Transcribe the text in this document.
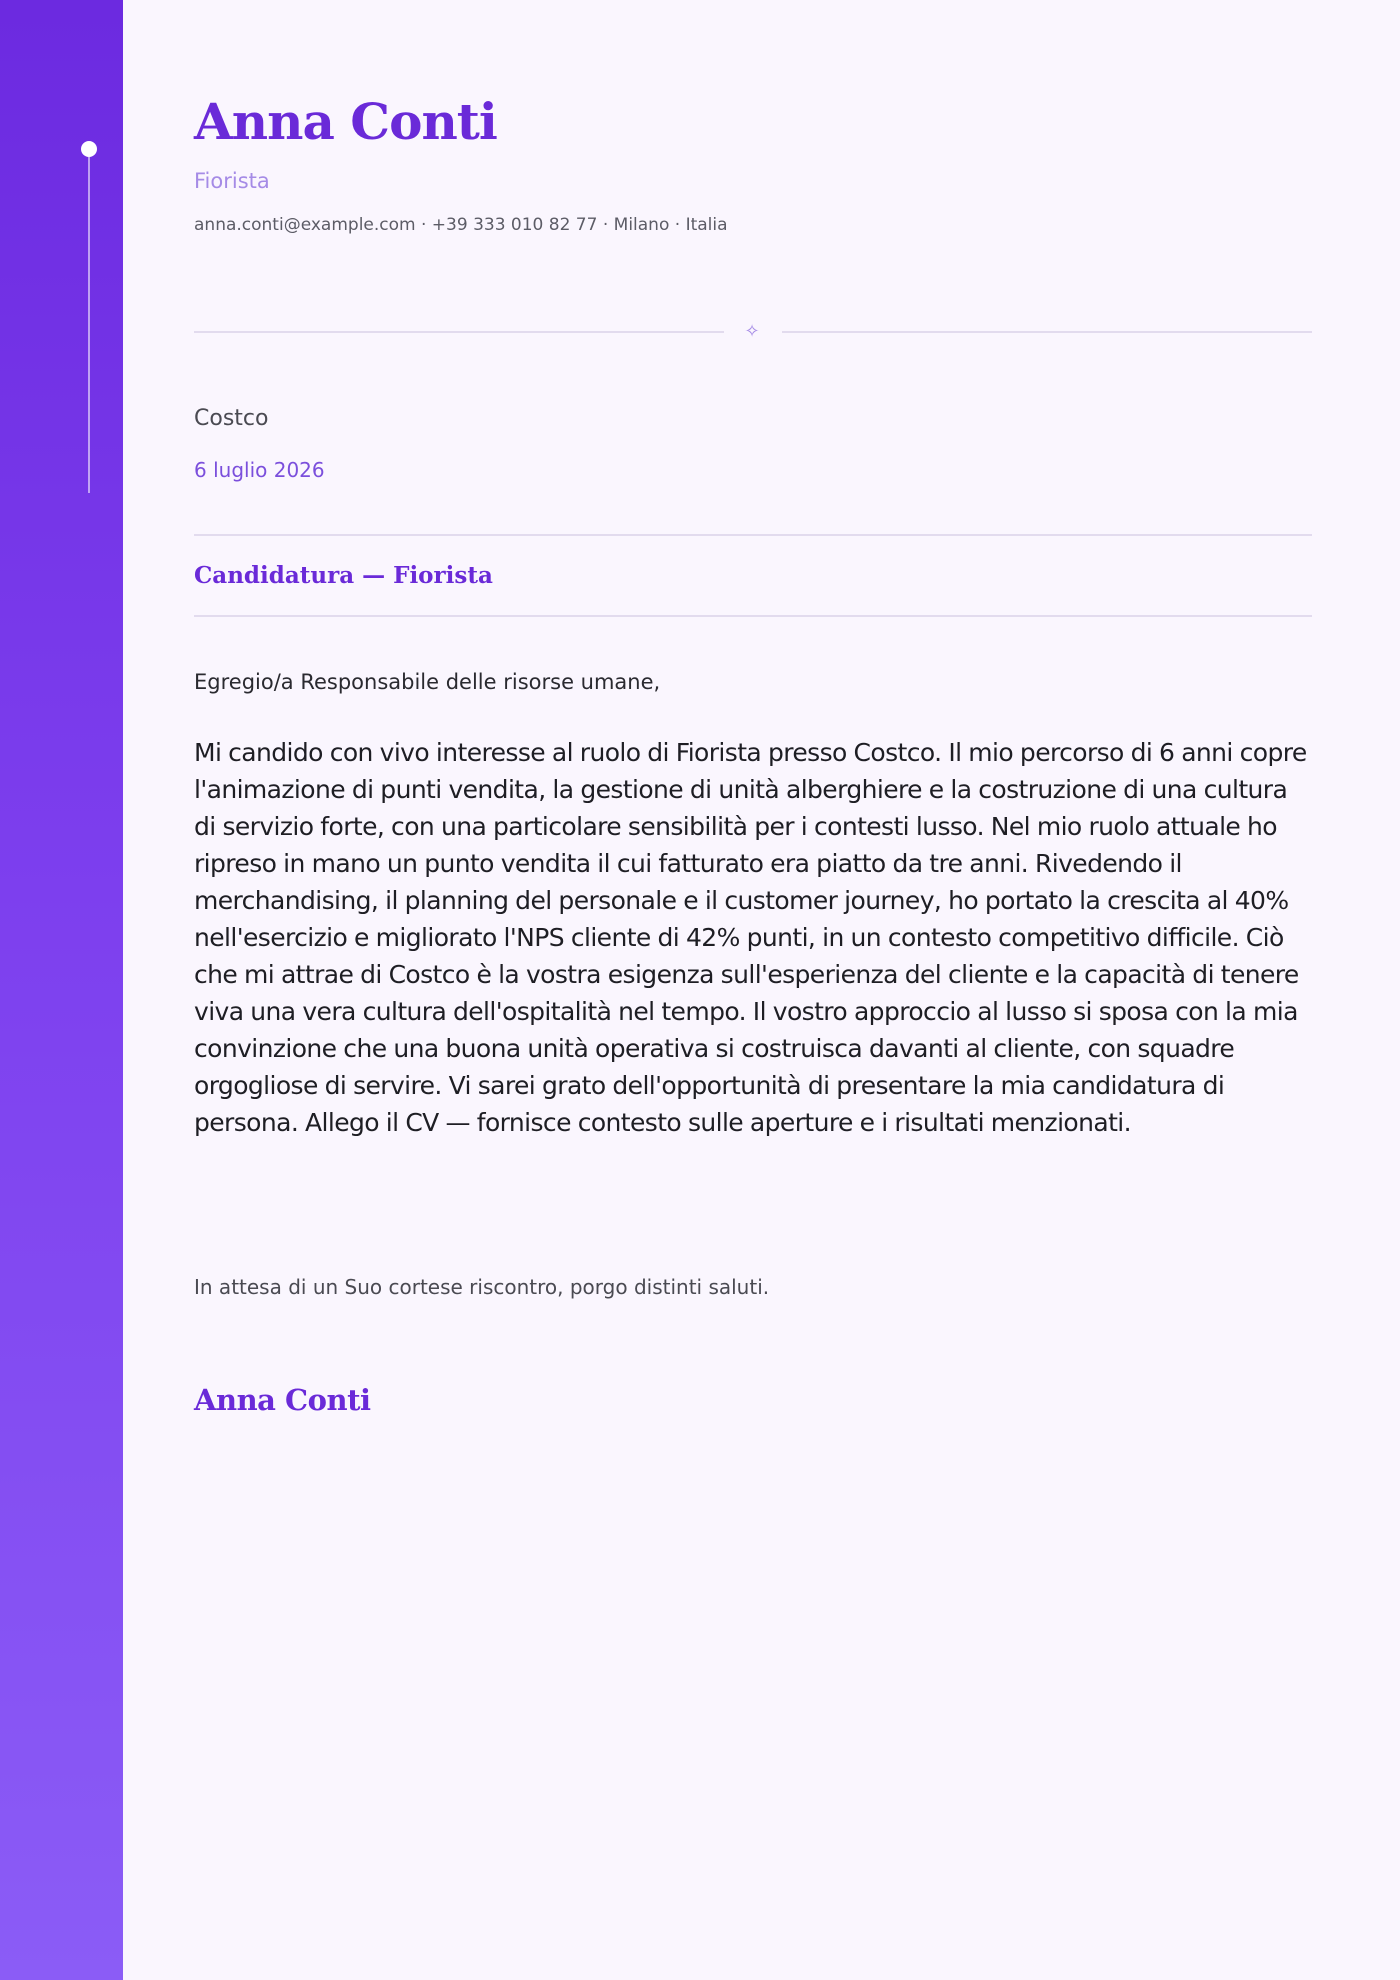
Anna Conti
Fiorista
anna.conti@example.com · +39 333 010 82 77 · Milano · Italia
✧
Costco
6 luglio 2026
Candidatura — Fiorista
Egregio/a Responsabile delle risorse umane,
Mi candido con vivo interesse al ruolo di Fiorista presso Costco. Il mio percorso di 6 anni copre l'animazione di punti vendita, la gestione di unità alberghiere e la costruzione di una cultura di servizio forte, con una particolare sensibilità per i contesti lusso. Nel mio ruolo attuale ho ripreso in mano un punto vendita il cui fatturato era piatto da tre anni. Rivedendo il merchandising, il planning del personale e il customer journey, ho portato la crescita al 40% nell'esercizio e migliorato l'NPS cliente di 42% punti, in un contesto competitivo difficile. Ciò che mi attrae di Costco è la vostra esigenza sull'esperienza del cliente e la capacità di tenere viva una vera cultura dell'ospitalità nel tempo. Il vostro approccio al lusso si sposa con la mia convinzione che una buona unità operativa si costruisca davanti al cliente, con squadre orgogliose di servire. Vi sarei grato dell'opportunità di presentare la mia candidatura di persona. Allego il CV — fornisce contesto sulle aperture e i risultati menzionati.
In attesa di un Suo cortese riscontro, porgo distinti saluti.
Anna Conti
